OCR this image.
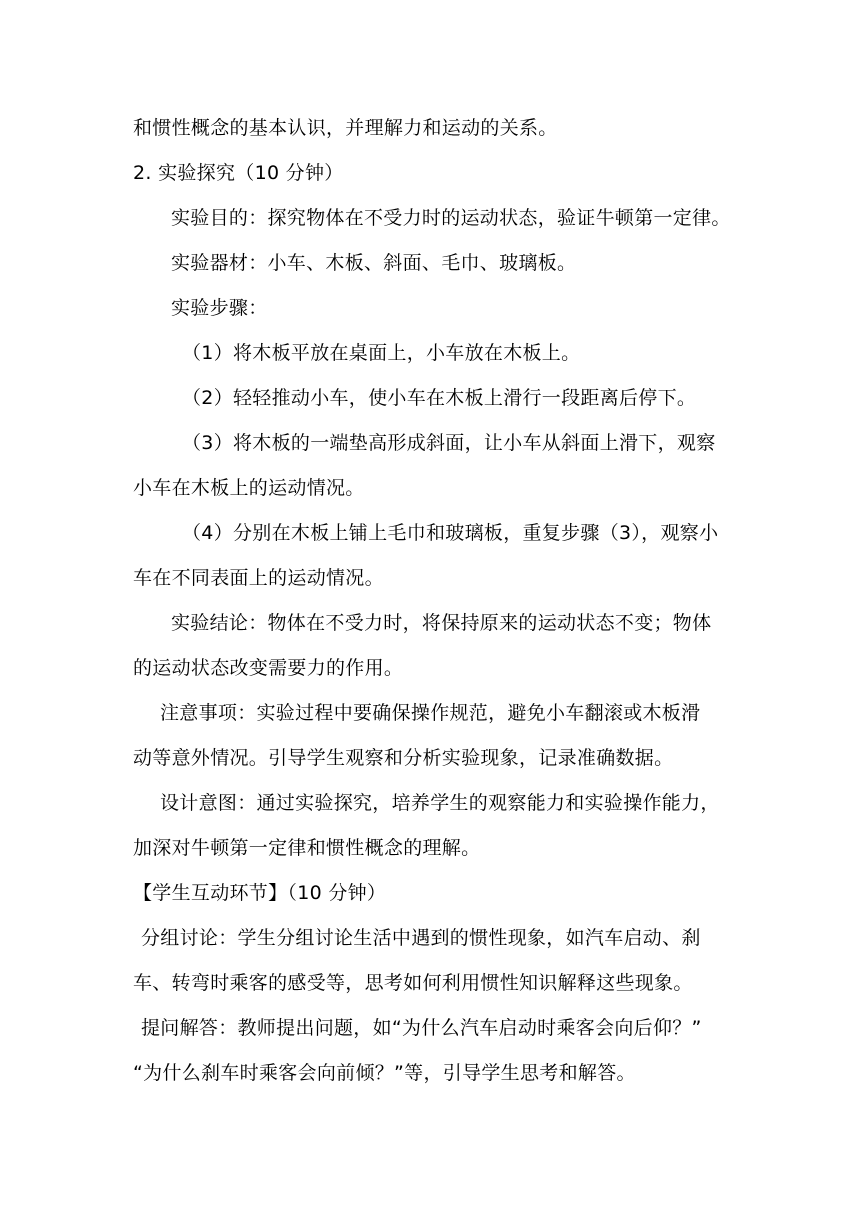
和惯性概念的基本认识，并理解力和运动的关系。
2. 实验探究（10 分钟）
实验目的：探究物体在不受力时的运动状态，验证牛顿第一定律。
实验器材：小车、木板、斜面、毛巾、玻璃板。
实验步骤：
（1）将木板平放在桌面上，小车放在木板上。
（2）轻轻推动小车，使小车在木板上滑行一段距离后停下。
（3）将木板的一端垫高形成斜面，让小车从斜面上滑下，观察
小车在木板上的运动情况。
（4）分别在木板上铺上毛巾和玻璃板，重复步骤（3），观察小
车在不同表面上的运动情况。
实验结论：物体在不受力时，将保持原来的运动状态不变；物体
的运动状态改变需要力的作用。
注意事项：实验过程中要确保操作规范，避免小车翻滚或木板滑
动等意外情况。引导学生观察和分析实验现象，记录准确数据。
设计意图：通过实验探究，培养学生的观察能力和实验操作能力，
加深对牛顿第一定律和惯性概念的理解。
【学生互动环节】（10 分钟）
分组讨论：学生分组讨论生活中遇到的惯性现象，如汽车启动、刹
车、转弯时乘客的感受等，思考如何利用惯性知识解释这些现象。
提问解答：教师提出问题，如“为什么汽车启动时乘客会向后仰？”
“为什么刹车时乘客会向前倾？”等，引导学生思考和解答。
